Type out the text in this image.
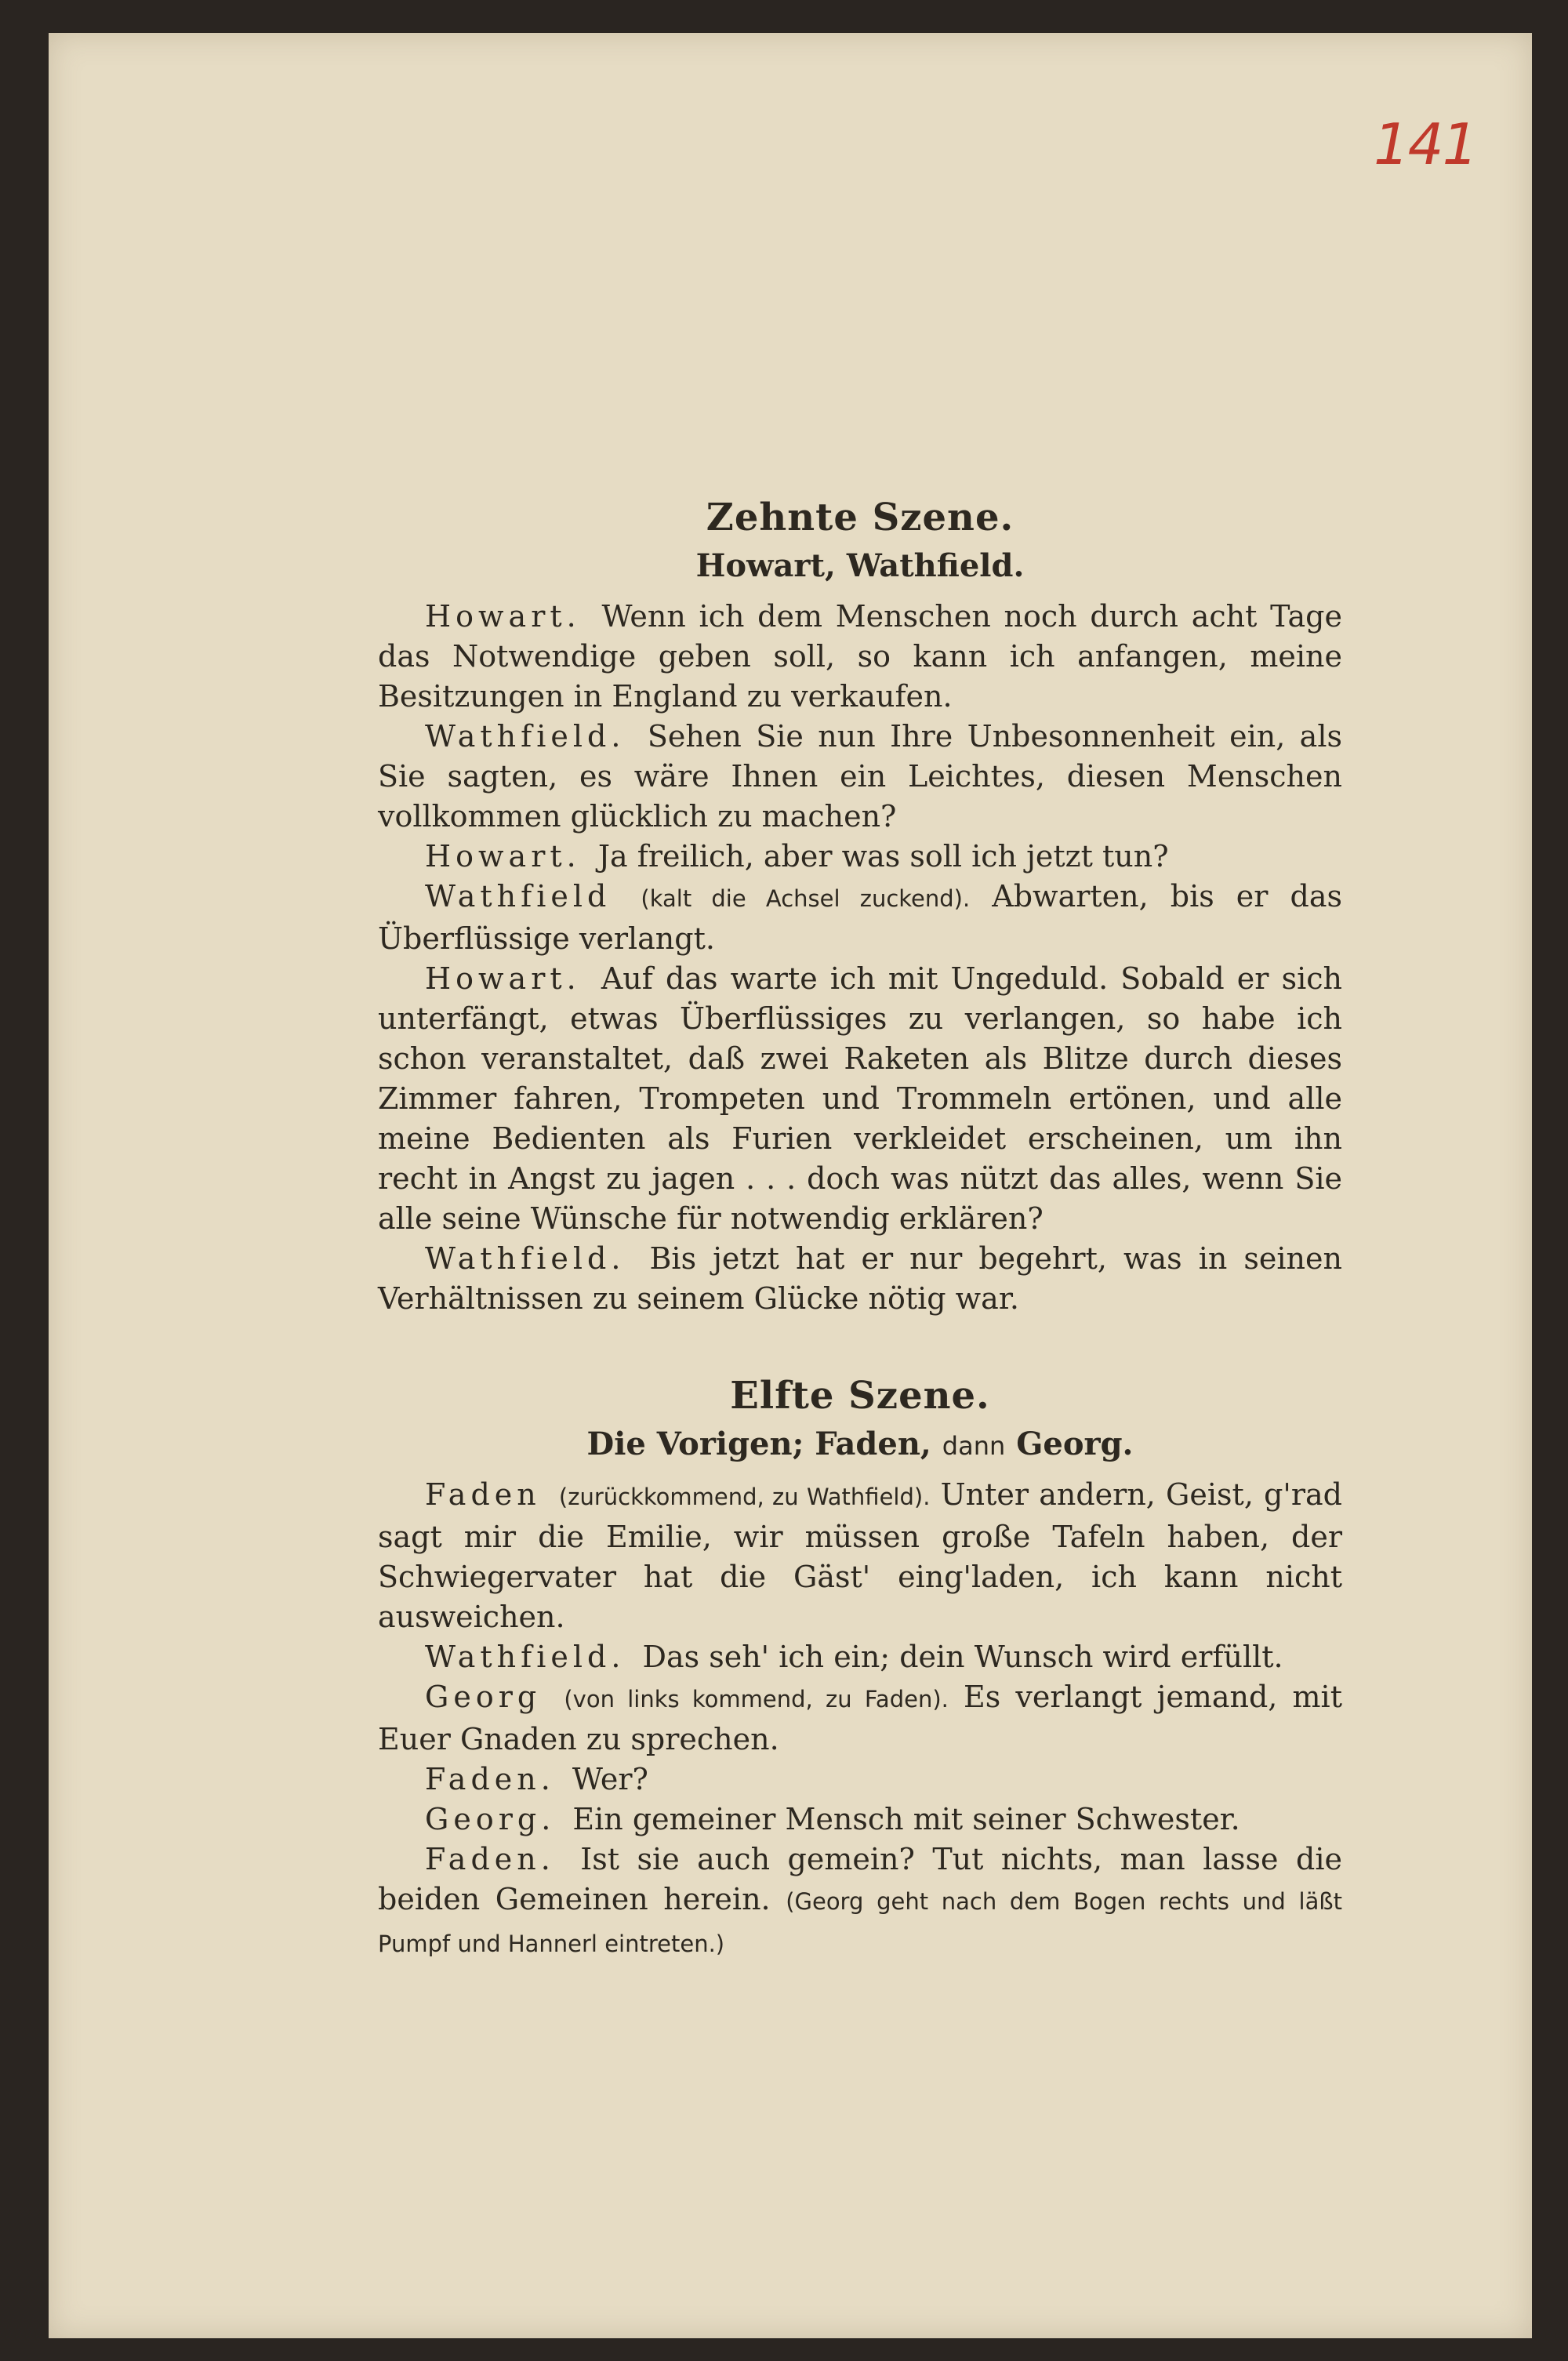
141
Zehnte Szene.
Howart, Wathfield.

Howart. Wenn ich dem Menschen noch durch acht Tage das Notwendige geben soll, so kann ich anfangen, meine Besitzungen in England zu verkaufen.

Wathfield. Sehen Sie nun Ihre Unbesonnenheit ein, als Sie sagten, es wäre Ihnen ein Leichtes, diesen Menschen vollkommen glücklich zu machen?

Howart. Ja freilich, aber was soll ich jetzt tun?

Wathfield (kalt die Achsel zuckend). Abwarten, bis er das Überflüssige verlangt.

Howart. Auf das warte ich mit Ungeduld. Sobald er sich unterfängt, etwas Überflüssiges zu verlangen, so habe ich schon veranstaltet, daß zwei Raketen als Blitze durch dieses Zimmer fahren, Trompeten und Trommeln ertönen, und alle meine Bedienten als Furien verkleidet erscheinen, um ihn recht in Angst zu jagen . . . doch was nützt das alles, wenn Sie alle seine Wünsche für notwendig erklären?

Wathfield. Bis jetzt hat er nur begehrt, was in seinen Verhältnissen zu seinem Glücke nötig war.

Elfte Szene.
Die Vorigen; Faden, dann Georg.

Faden (zurückkommend, zu Wathfield). Unter andern, Geist, g'rad sagt mir die Emilie, wir müssen große Tafeln haben, der Schwiegervater hat die Gäst' eing'laden, ich kann nicht ausweichen.

Wathfield. Das seh' ich ein; dein Wunsch wird erfüllt.

Georg (von links kommend, zu Faden). Es verlangt jemand, mit Euer Gnaden zu sprechen.

Faden. Wer?

Georg. Ein gemeiner Mensch mit seiner Schwester.

Faden. Ist sie auch gemein? Tut nichts, man lasse die beiden Gemeinen herein. (Georg geht nach dem Bogen rechts und läßt Pumpf und Hannerl eintreten.)
